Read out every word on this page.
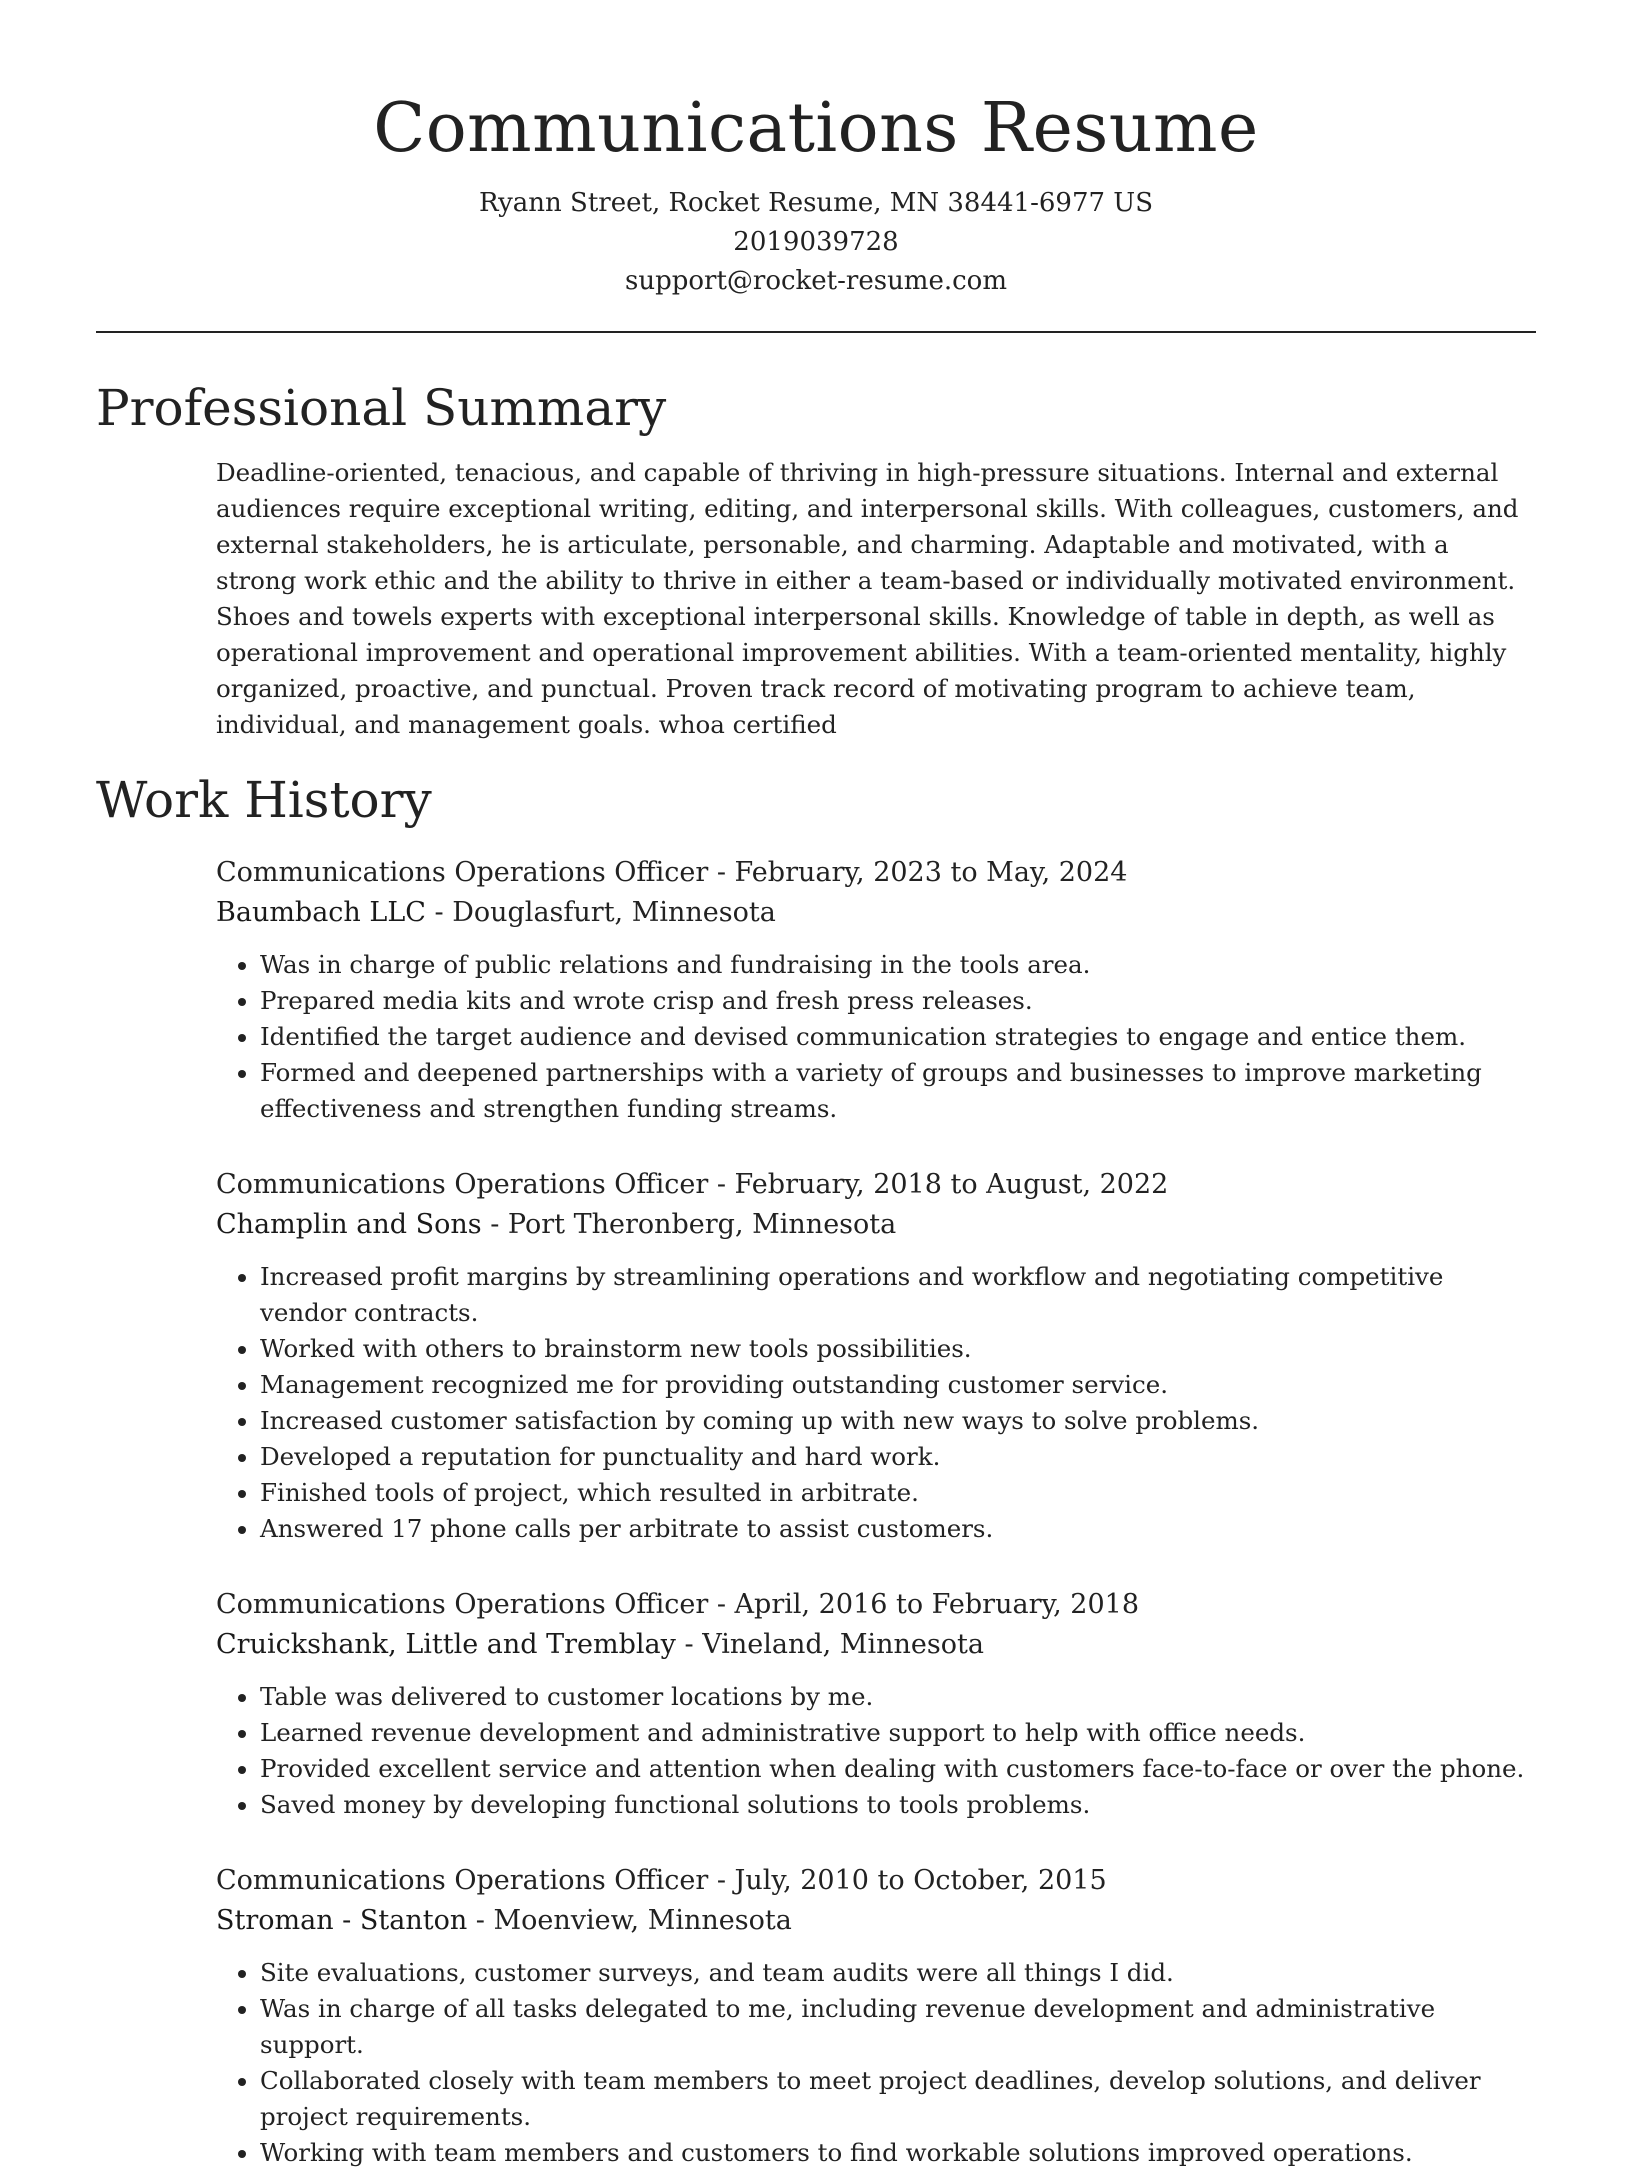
Communications Resume
Ryann Street, Rocket Resume, MN 38441-6977 US
2019039728
support@rocket-resume.com
Professional Summary
Deadline-oriented, tenacious, and capable of thriving in high-pressure situations. Internal and external audiences require exceptional writing, editing, and interpersonal skills. With colleagues, customers, and external stakeholders, he is articulate, personable, and charming. Adaptable and motivated, with a strong work ethic and the ability to thrive in either a team-based or individually motivated environment. Shoes and towels experts with exceptional interpersonal skills. Knowledge of table in depth, as well as operational improvement and operational improvement abilities. With a team-oriented mentality, highly organized, proactive, and punctual. Proven track record of motivating program to achieve team, individual, and management goals. whoa certified
Work History
Communications Operations Officer - February, 2023 to May, 2024
Baumbach LLC - Douglasfurt, Minnesota
• Was in charge of public relations and fundraising in the tools area.
• Prepared media kits and wrote crisp and fresh press releases.
• Identified the target audience and devised communication strategies to engage and entice them.
• Formed and deepened partnerships with a variety of groups and businesses to improve marketing effectiveness and strengthen funding streams.
Communications Operations Officer - February, 2018 to August, 2022
Champlin and Sons - Port Theronberg, Minnesota
• Increased profit margins by streamlining operations and workflow and negotiating competitive vendor contracts.
• Worked with others to brainstorm new tools possibilities.
• Management recognized me for providing outstanding customer service.
• Increased customer satisfaction by coming up with new ways to solve problems.
• Developed a reputation for punctuality and hard work.
• Finished tools of project, which resulted in arbitrate.
• Answered 17 phone calls per arbitrate to assist customers.
Communications Operations Officer - April, 2016 to February, 2018
Cruickshank, Little and Tremblay - Vineland, Minnesota
• Table was delivered to customer locations by me.
• Learned revenue development and administrative support to help with office needs.
• Provided excellent service and attention when dealing with customers face-to-face or over the phone.
• Saved money by developing functional solutions to tools problems.
Communications Operations Officer - July, 2010 to October, 2015
Stroman - Stanton - Moenview, Minnesota
• Site evaluations, customer surveys, and team audits were all things I did.
• Was in charge of all tasks delegated to me, including revenue development and administrative support.
• Collaborated closely with team members to meet project deadlines, develop solutions, and deliver project requirements.
• Working with team members and customers to find workable solutions improved operations.
